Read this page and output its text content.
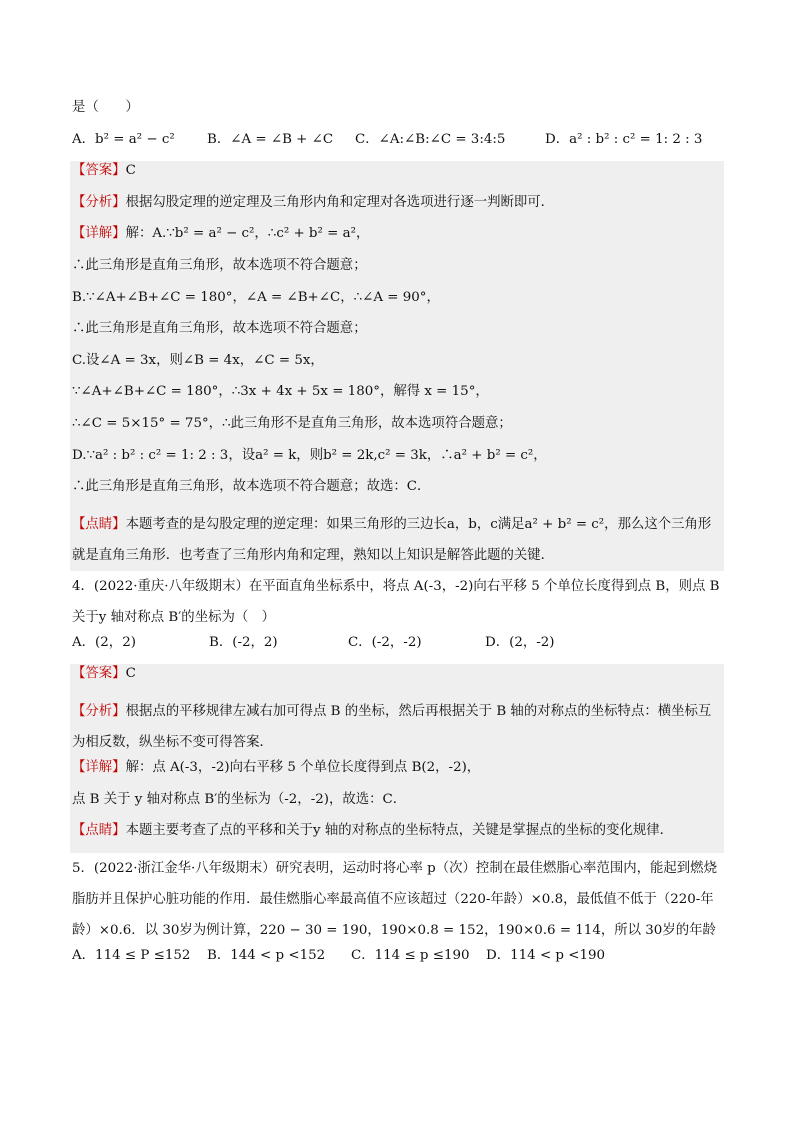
是（　　）
A．b² = a² − c²	B．∠A = ∠B + ∠C	C．∠A:∠B:∠C = 3:4:5	D．a² : b² : c² = 1: 2 : 3
【答案】C
【分析】根据勾股定理的逆定理及三角形内角和定理对各选项进行逐一判断即可．
【详解】解：A.∵b² = a² − c²，∴c² + b² = a²，
∴此三角形是直角三角形，故本选项不符合题意；
B.∵∠A+∠B+∠C = 180°，∠A = ∠B+∠C，∴∠A = 90°，
∴此三角形是直角三角形，故本选项不符合题意；
C.设∠A = 3x，则∠B = 4x，∠C = 5x，
∵∠A+∠B+∠C = 180°，∴3x + 4x + 5x = 180°，解得 x = 15°，
∴∠C = 5×15° = 75°，∴此三角形不是直角三角形，故本选项符合题意；
D.∵a² : b² : c² = 1: 2 : 3，设a² = k，则b² = 2k,c² = 3k，∴a² + b² = c²，
∴此三角形是直角三角形，故本选项不符合题意；故选：C．
【点睛】本题考查的是勾股定理的逆定理：如果三角形的三边长a，b，c满足a² + b² = c²，那么这个三角形就是直角三角形．也考查了三角形内角和定理，熟知以上知识是解答此题的关键．
4．(2022·重庆·八年级期末）在平面直角坐标系中，将点 A(-3，-2)向右平移 5 个单位长度得到点 B，则点 B 关于y 轴对称点 B′的坐标为（　）
A．(2，2)	B．(-2，2)	C．(-2，-2)	D．(2，-2)
【答案】C
【分析】根据点的平移规律左减右加可得点 B 的坐标，然后再根据关于 B 轴的对称点的坐标特点：横坐标互为相反数，纵坐标不变可得答案．
【详解】解：点 A(-3，-2)向右平移 5 个单位长度得到点 B(2，-2)，
点 B 关于 y 轴对称点 B′的坐标为（-2，-2)，故选：C．
【点睛】本题主要考查了点的平移和关于y 轴的对称点的坐标特点，关键是掌握点的坐标的变化规律．
5．(2022·浙江金华·八年级期末）研究表明，运动时将心率 p（次）控制在最佳燃脂心率范围内，能起到燃烧脂肪并且保护心脏功能的作用．最佳燃脂心率最高值不应该超过（220-年龄）×0.8，最低值不低于（220-年龄）×0.6．以 30岁为例计算，220 − 30 = 190，190×0.8 = 152，190×0.6 = 114，所以 30岁的年龄　
A．114 ≤ P ≤152	B．144 < p <152	C．114 ≤ p ≤190	D．114 < p <190
